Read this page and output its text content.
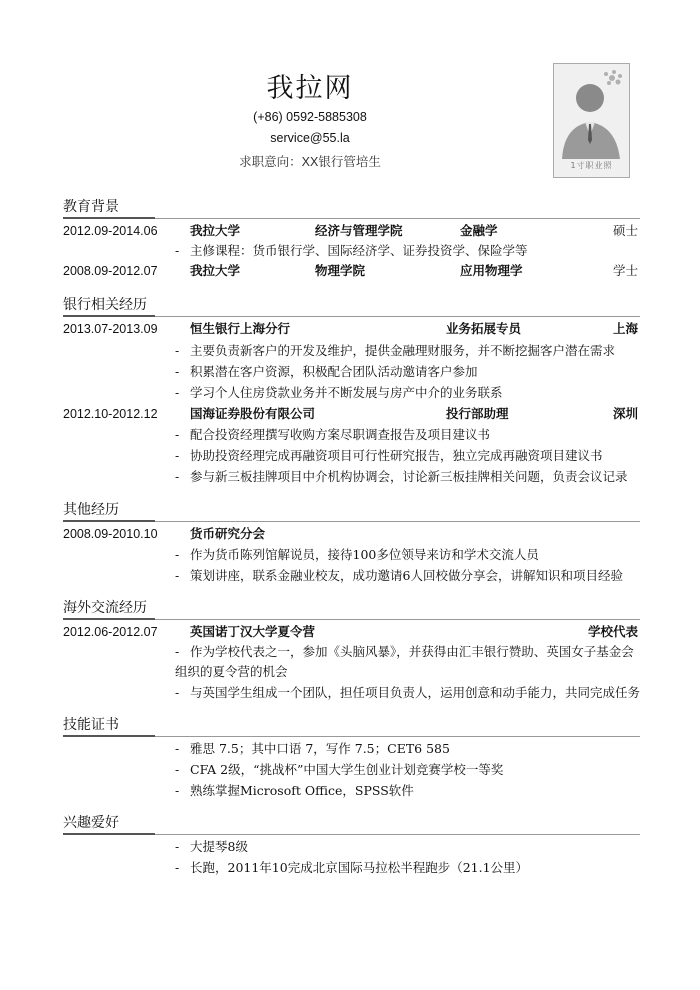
我拉网
(+86) 0592-5885308
service@55.la
求职意向：XX银行管培生	1寸职业照
教育背景
2012.09-2014.06	我拉大学	经济与管理学院	金融学	硕士
- 主修课程：货币银行学、国际经济学、证券投资学、保险学等
2008.09-2012.07	我拉大学	物理学院	应用物理学	学士
银行相关经历
2013.07-2013.09	恒生银行上海分行	业务拓展专员	上海
- 主要负责新客户的开发及维护，提供金融理财服务，并不断挖掘客户潜在需求
- 积累潜在客户资源，积极配合团队活动邀请客户参加
- 学习个人住房贷款业务并不断发展与房产中介的业务联系
2012.10-2012.12	国海证券股份有限公司	投行部助理	深圳
- 配合投资经理撰写收购方案尽职调查报告及项目建议书
- 协助投资经理完成再融资项目可行性研究报告，独立完成再融资项目建议书
- 参与新三板挂牌项目中介机构协调会，讨论新三板挂牌相关问题，负责会议记录
其他经历
2008.09-2010.10	货币研究分会
- 作为货币陈列馆解说员，接待100多位领导来访和学术交流人员
- 策划讲座，联系金融业校友，成功邀请6人回校做分享会，讲解知识和项目经验
海外交流经历
2012.06-2012.07	英国诺丁汉大学夏令营	学校代表
- 作为学校代表之一，参加《头脑风暴》，并获得由汇丰银行赞助、英国女子基金会
组织的夏令营的机会
- 与英国学生组成一个团队，担任项目负责人，运用创意和动手能力，共同完成任务
技能证书
- 雅思 7.5；其中口语 7，写作 7.5；CET6 585
- CFA 2级，“挑战杯”中国大学生创业计划竞赛学校一等奖
- 熟练掌握Microsoft Office，SPSS软件
兴趣爱好
- 大提琴8级
- 长跑，2011年10完成北京国际马拉松半程跑步（21.1公里）
